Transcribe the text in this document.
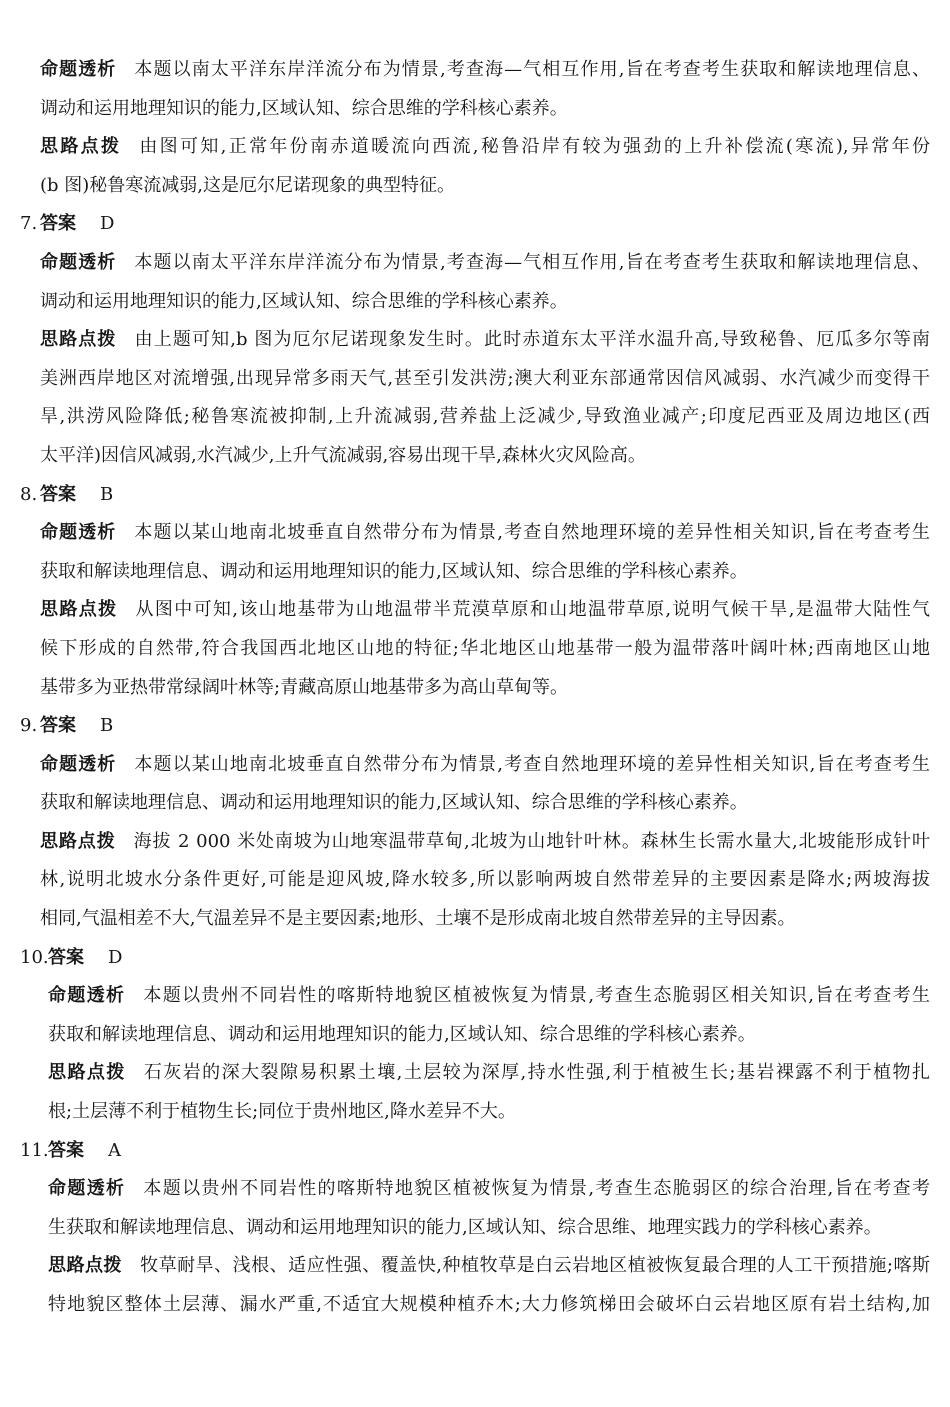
命题透析 本题以南太平洋东岸洋流分布为情景,考查海—气相互作用,旨在考查考生获取和解读地理信息、
调动和运用地理知识的能力,区域认知、综合思维的学科核心素养。
思路点拨 由图可知,正常年份南赤道暖流向西流,秘鲁沿岸有较为强劲的上升补偿流(寒流),异常年份
(b 图)秘鲁寒流减弱,这是厄尔尼诺现象的典型特征。
7. 答案 D
命题透析 本题以南太平洋东岸洋流分布为情景,考查海—气相互作用,旨在考查考生获取和解读地理信息、
调动和运用地理知识的能力,区域认知、综合思维的学科核心素养。
思路点拨 由上题可知,b 图为厄尔尼诺现象发生时。此时赤道东太平洋水温升高,导致秘鲁、厄瓜多尔等南
美洲西岸地区对流增强,出现异常多雨天气,甚至引发洪涝;澳大利亚东部通常因信风减弱、水汽减少而变得干
旱,洪涝风险降低;秘鲁寒流被抑制,上升流减弱,营养盐上泛减少,导致渔业减产;印度尼西亚及周边地区(西
太平洋)因信风减弱,水汽减少,上升气流减弱,容易出现干旱,森林火灾风险高。
8. 答案 B
命题透析 本题以某山地南北坡垂直自然带分布为情景,考查自然地理环境的差异性相关知识,旨在考查考生
获取和解读地理信息、调动和运用地理知识的能力,区域认知、综合思维的学科核心素养。
思路点拨 从图中可知,该山地基带为山地温带半荒漠草原和山地温带草原,说明气候干旱,是温带大陆性气
候下形成的自然带,符合我国西北地区山地的特征;华北地区山地基带一般为温带落叶阔叶林;西南地区山地
基带多为亚热带常绿阔叶林等;青藏高原山地基带多为高山草甸等。
9. 答案 B
命题透析 本题以某山地南北坡垂直自然带分布为情景,考查自然地理环境的差异性相关知识,旨在考查考生
获取和解读地理信息、调动和运用地理知识的能力,区域认知、综合思维的学科核心素养。
思路点拨 海拔 2 000 米处南坡为山地寒温带草甸,北坡为山地针叶林。森林生长需水量大,北坡能形成针叶
林,说明北坡水分条件更好,可能是迎风坡,降水较多,所以影响两坡自然带差异的主要因素是降水;两坡海拔
相同,气温相差不大,气温差异不是主要因素;地形、土壤不是形成南北坡自然带差异的主导因素。
10.答案 D
命题透析 本题以贵州不同岩性的喀斯特地貌区植被恢复为情景,考查生态脆弱区相关知识,旨在考查考生
获取和解读地理信息、调动和运用地理知识的能力,区域认知、综合思维的学科核心素养。
思路点拨 石灰岩的深大裂隙易积累土壤,土层较为深厚,持水性强,利于植被生长;基岩裸露不利于植物扎
根;土层薄不利于植物生长;同位于贵州地区,降水差异不大。
11.答案 A
命题透析 本题以贵州不同岩性的喀斯特地貌区植被恢复为情景,考查生态脆弱区的综合治理,旨在考查考
生获取和解读地理信息、调动和运用地理知识的能力,区域认知、综合思维、地理实践力的学科核心素养。
思路点拨 牧草耐旱、浅根、适应性强、覆盖快,种植牧草是白云岩地区植被恢复最合理的人工干预措施;喀斯
特地貌区整体土层薄、漏水严重,不适宜大规模种植乔木;大力修筑梯田会破坏白云岩地区原有岩土结构,加
